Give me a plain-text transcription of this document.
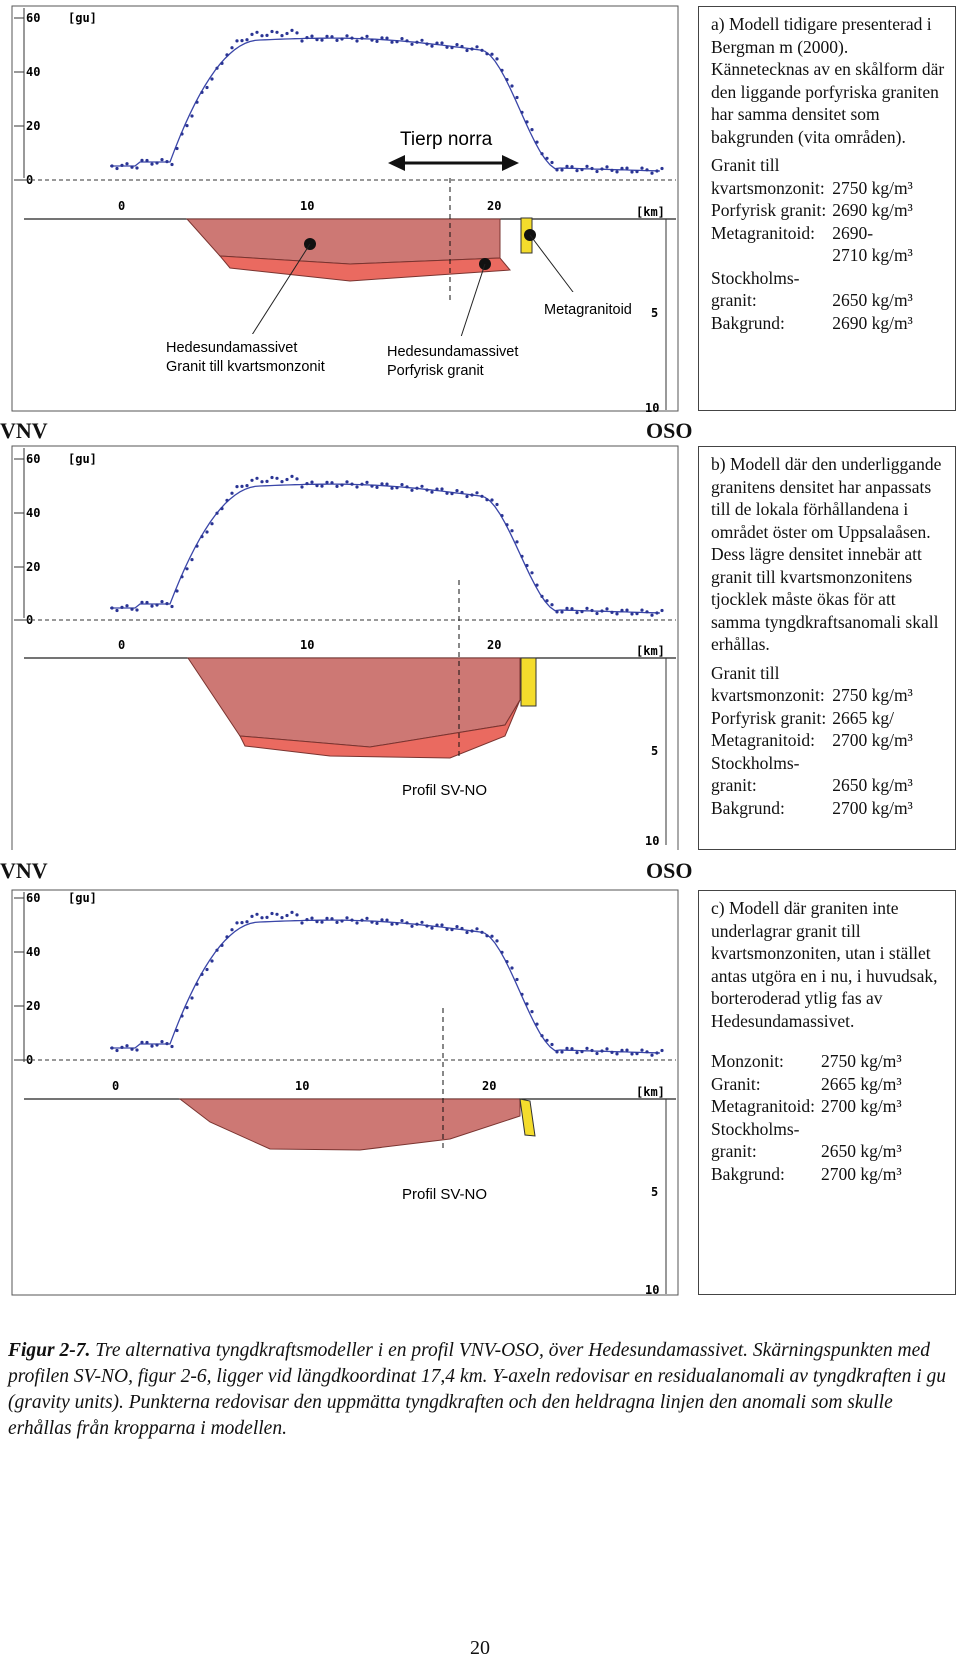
60
40
20
0
[gu]
0	10	20	[km]
5
10
Tierp norra
Metagranitoid
Hedesundamassivet
Granit till kvartsmonzonit
Hedesundamassivet
Porfyrisk granit

a) Modell tidigare presenterad i Bergman m (2000). Kännetecknas av en skålform där den liggande porfyriska graniten har samma densitet som bakgrunden (vita områden).

Granit till	
kvartsmonzonit:	2750 kg/m³
Porfyrisk granit:	2690 kg/m³
Metagranitoid:	2690-
	2710 kg/m³
Stockholms-	
granit:	2650 kg/m³
Bakgrund:	2690 kg/m³
VNV	OSO
60
40
20
0
[gu]
0	10	20	[km]
5
10
Profil SV-NO

b) Modell där den underliggande granitens densitet har anpassats till de lokala förhållandena i området öster om Uppsalaåsen. Dess lägre densitet innebär att granit till kvartsmonzonitens tjocklek måste ökas för att samma tyngdkraftsanomali skall erhållas.

Granit till	
kvartsmonzonit:	2750 kg/m³
Porfyrisk granit:	2665 kg/
Metagranitoid:	2700 kg/m³
Stockholms-	
granit:	2650 kg/m³
Bakgrund:	2700 kg/m³
VNV	OSO
60
40
20
0
[gu]
0	10	20	[km]
5
10
Profil SV-NO

c) Modell där graniten inte underlagrar granit till kvartsmonzoniten, utan i stället antas utgöra en i nu, i huvudsak, borteroderad ytlig fas av Hedesundamassivet.

Monzonit:	2750 kg/m³
Granit:	2665 kg/m³
Metagranitoid:	2700 kg/m³
Stockholms-	
granit:	2650 kg/m³
Bakgrund:	2700 kg/m³
Figur 2-7. Tre alternativa tyngdkraftsmodeller i en profil VNV-OSO, över Hedesundamassivet. Skärningspunkten med profilen SV-NO, figur 2-6, ligger vid längdkoordinat 17,4 km. Y-axeln redovisar en residualanomali av tyngdkraften i gu (gravity units). Punkterna redovisar den uppmätta tyngdkraften och den heldragna linjen den anomali som skulle erhållas från kropparna i modellen.
20
